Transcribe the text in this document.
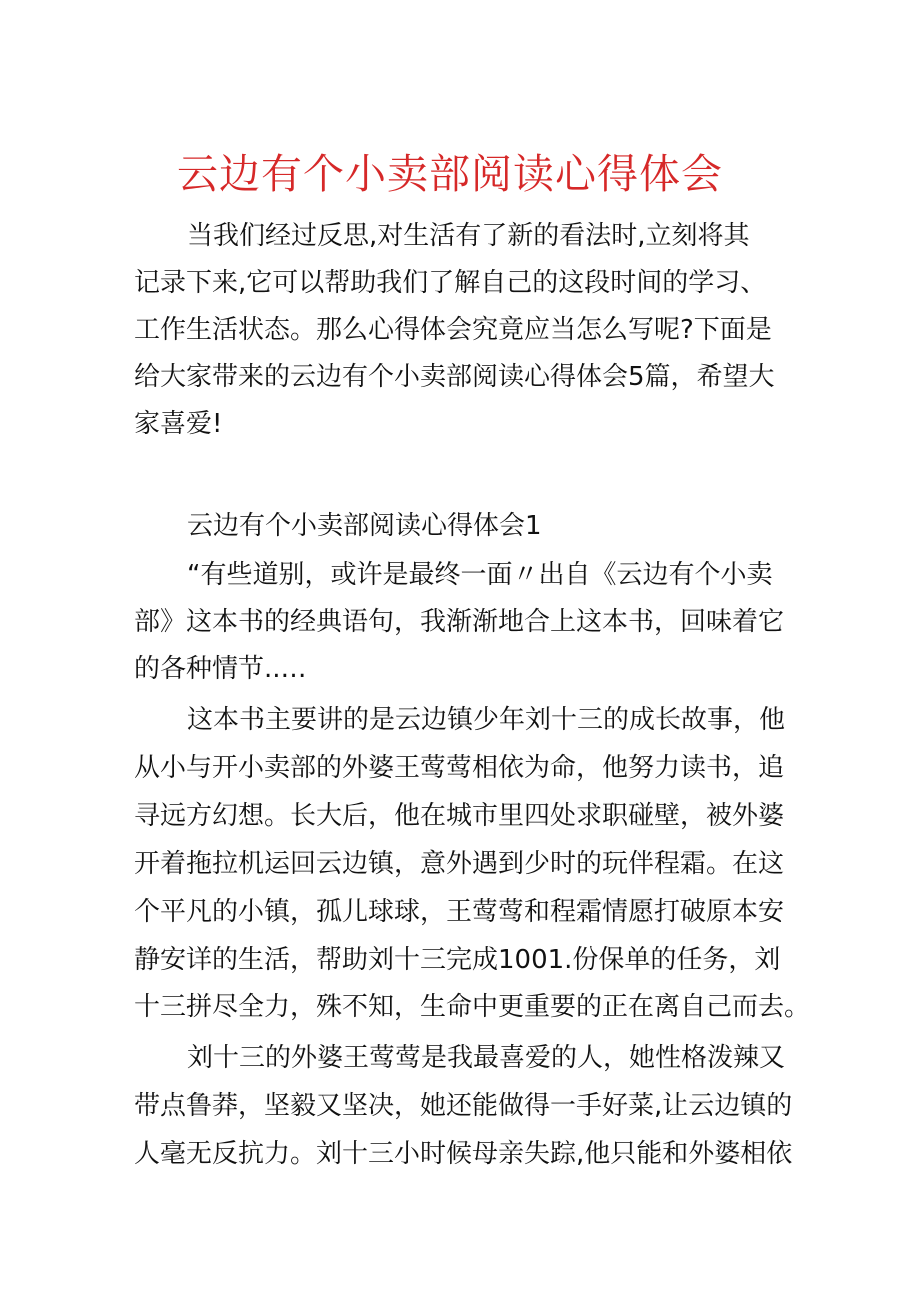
云边有个小卖部阅读心得体会

当我们经过反思,对生活有了新的看法时,立刻将其

记录下来,它可以帮助我们了解自己的这段时间的学习、

工作生活状态。那么心得体会究竟应当怎么写呢?下面是

给大家带来的云边有个小卖部阅读心得体会5篇，希望大

家喜爱!

云边有个小卖部阅读心得体会1

“有些道别，或许是最终一面〃出自《云边有个小卖

部》这本书的经典语句，我渐渐地合上这本书，回味着它

的各种情节..…

这本书主要讲的是云边镇少年刘十三的成长故事，他

从小与开小卖部的外婆王莺莺相依为命，他努力读书，追

寻远方幻想。长大后，他在城市里四处求职碰壁，被外婆

开着拖拉机运回云边镇，意外遇到少时的玩伴程霜。在这

个平凡的小镇，孤儿球球，王莺莺和程霜情愿打破原本安

静安详的生活，帮助刘十三完成1001.份保单的任务，刘

十三拼尽全力，殊不知，生命中更重要的正在离自己而去。

刘十三的外婆王莺莺是我最喜爱的人，她性格泼辣又

带点鲁莽，坚毅又坚决，她还能做得一手好菜,让云边镇的

人毫无反抗力。刘十三小时候母亲失踪,他只能和外婆相依
